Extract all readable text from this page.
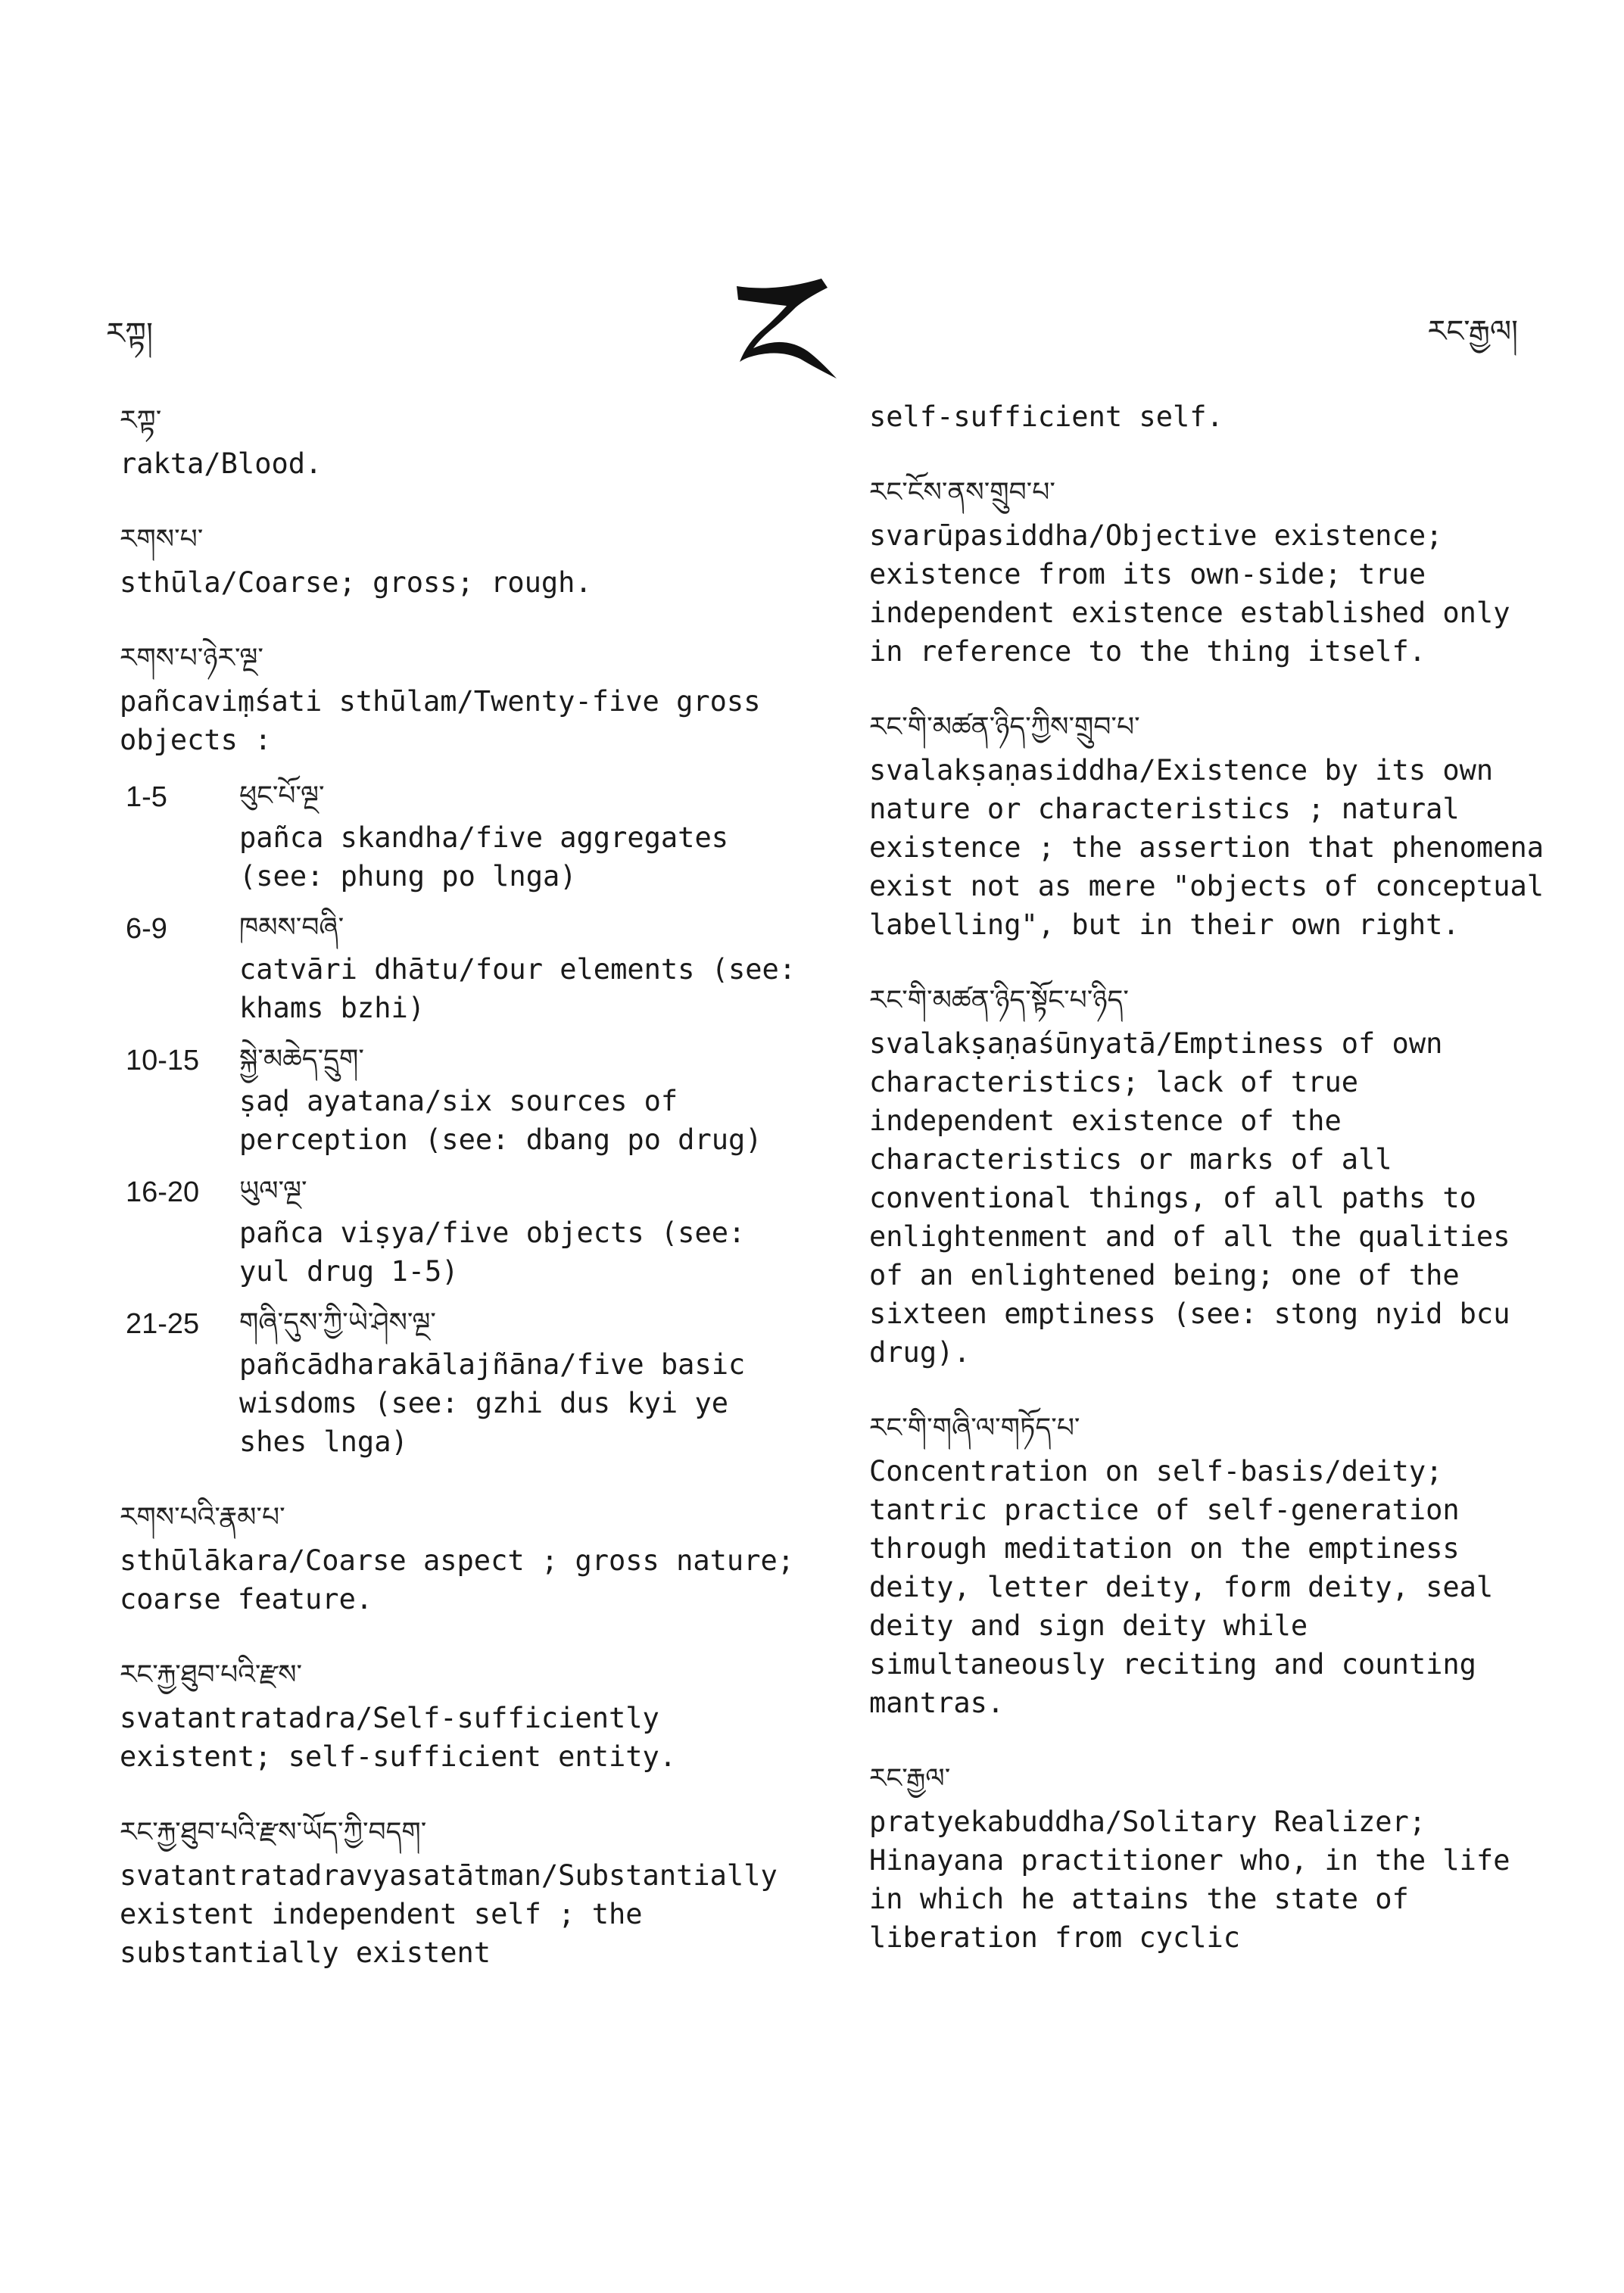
རཀྟ།	རང་རྒྱལ།
རཀྟ་
rakta/Blood.
རགས་པ་
sthūla/Coarse; gross; rough.
རགས་པ་ཉེར་ལྔ་
pañcaviṃśati sthūlam/Twenty-five gross objects :
1-5	ཕུང་པོ་ལྔ་
pañca skandha/five aggregates (see: phung po lnga)
6-9	ཁམས་བཞི་
catvāri dhātu/four elements (see: khams bzhi)
10-15	སྐྱེ་མཆེད་དྲུག་
ṣaḍ ayatana/six sources of perception (see: dbang po drug)
16-20	ཡུལ་ལྔ་
pañca viṣya/five objects (see: yul drug 1-5)
21-25	གཞི་དུས་ཀྱི་ཡེ་ཤེས་ལྔ་
pañcādharakālajñāna/five basic wisdoms (see: gzhi dus kyi ye shes lnga)
རགས་པའི་རྣམ་པ་
sthūlākara/Coarse aspect ; gross nature; coarse feature.
རང་རྐྱ་ཐུབ་པའི་རྫས་
svatantratadra/Self-sufficiently existent; self-sufficient entity.
རང་རྐྱ་ཐུབ་པའི་རྫས་ཡོད་ཀྱི་བདག་
svatantratadravyasatātman/Substantially existent independent self ; the substantially existent
self-sufficient self.
རང་ངོས་ནས་གྲུབ་པ་
svarūpasiddha/Objective existence; existence from its own-side; true independent existence established only in reference to the thing itself.
རང་གི་མཚན་ཉིད་ཀྱིས་གྲུབ་པ་
svalakṣaṇasiddha/Existence by its own nature or characteristics ; natural existence ; the assertion that phenomena exist not as mere "objects of conceptual labelling", but in their own right.
རང་གི་མཚན་ཉིད་སྟོང་པ་ཉིད་
svalakṣaṇaśūnyatā/Emptiness of own characteristics; lack of true independent existence of the characteristics or marks of all conventional things, of all paths to enlightenment and of all the qualities of an enlightened being; one of the sixteen emptiness (see: stong nyid bcu drug).
རང་གི་གཞི་ལ་གཏོད་པ་
Concentration on self-basis/deity; tantric practice of self-generation through meditation on the emptiness deity, letter deity, form deity, seal deity and sign deity while simultaneously reciting and counting mantras.
རང་རྒྱལ་
pratyekabuddha/Solitary Realizer; Hinayana practitioner who, in the life in which he attains the state of liberation from cyclic
